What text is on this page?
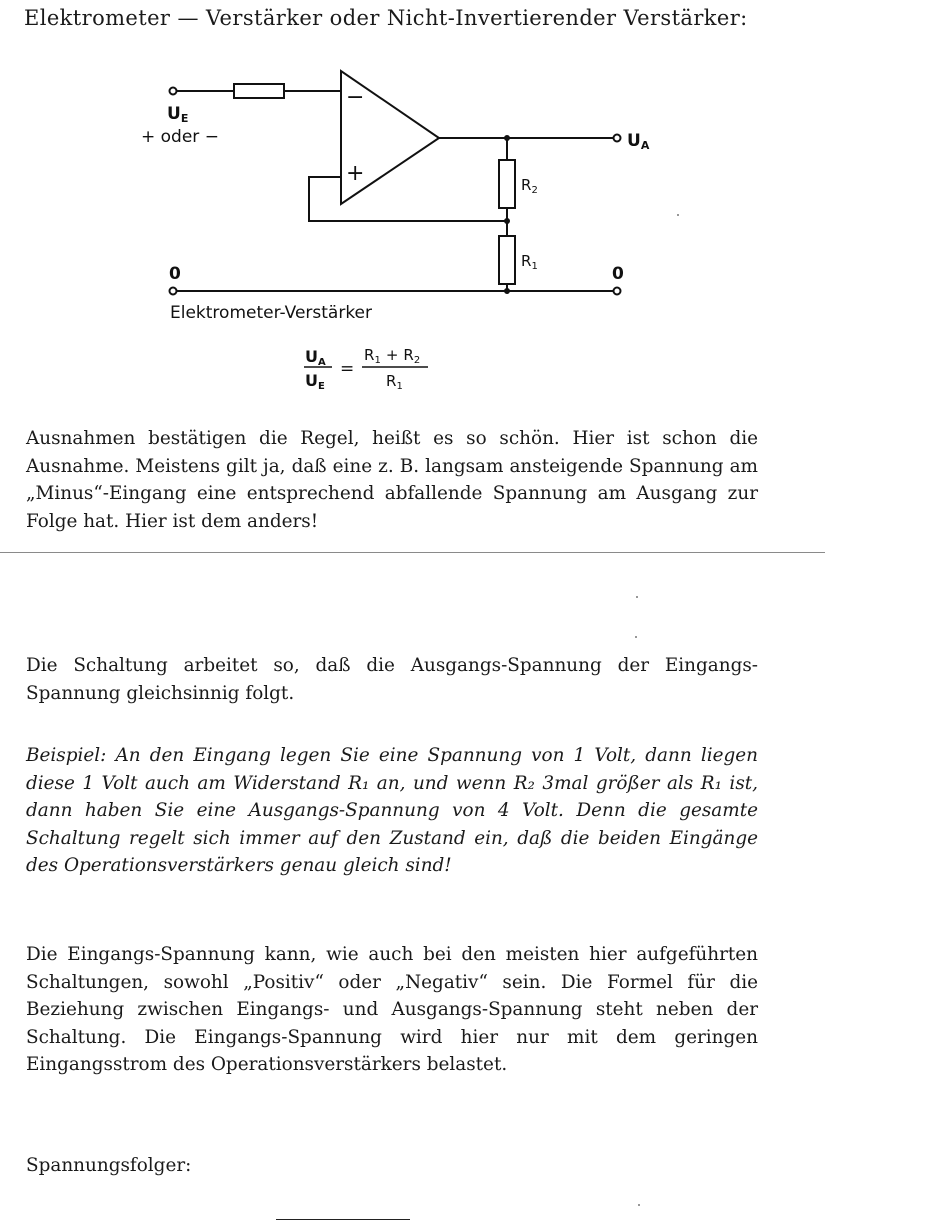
Elektrometer — Verstärker oder Nicht-Invertierender Verstärker:
−
+
UE
+ oder −	UA
$R_2$
$R_1$
0	0
Elektrometer-Verstärker
UA
UE
=
$R_1 + R_2$
$R_1$

Ausnahmen bestätigen die Regel, heißt es so schön. Hier ist schon die Ausnahme. Meistens gilt ja, daß eine z. B. langsam ansteigende Spannung am „Minus“-Eingang eine entsprechend abfallende Spannung am Ausgang zur Folge hat. Hier ist dem anders!

Die Schaltung arbeitet so, daß die Ausgangs-Spannung der Eingangs-Spannung gleichsinnig folgt.

Beispiel: An den Eingang legen Sie eine Spannung von 1 Volt, dann liegen diese 1 Volt auch am Widerstand R₁ an, und wenn R₂ 3mal größer als R₁ ist, dann haben Sie eine Ausgangs-Spannung von 4 Volt. Denn die gesamte Schaltung regelt sich immer auf den Zustand ein, daß die beiden Eingänge des Operationsverstärkers genau gleich sind!

Die Eingangs-Spannung kann, wie auch bei den meisten hier aufgeführten Schaltungen, sowohl „Positiv“ oder „Negativ“ sein. Die Formel für die Beziehung zwischen Eingangs- und Ausgangs-Spannung steht neben der Schaltung. Die Eingangs-Spannung wird hier nur mit dem geringen Eingangsstrom des Operationsverstärkers belastet.

Spannungsfolger:
